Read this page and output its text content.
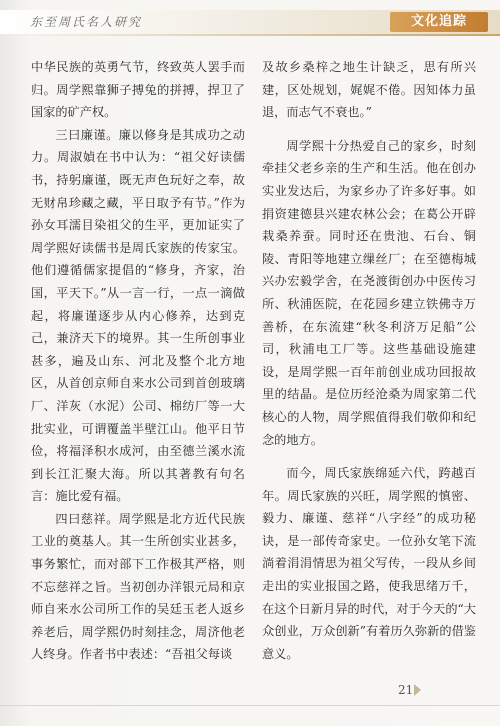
东至周氏名人研究	文化追踪

中华民族的英勇气节，终致英人罢手而归。周学熙靠狮子搏兔的拼搏，捍卫了国家的矿产权。

三曰廉谨。廉以修身是其成功之动力。周淑媜在书中认为：“祖父好读儒书，持躬廉谨，既无声色玩好之奉，故无财帛珍藏之藏，平日取予有节。”作为孙女耳濡目染祖父的生平，更加证实了周学熙好读儒书是周氏家族的传家宝。他们遵循儒家提倡的“修身，齐家，治国，平天下。”从一言一行，一点一滴做起，将廉谨逐步从内心修养，达到克己，兼济天下的境界。其一生所创事业甚多，遍及山东、河北及整个北方地区，从首创京师自来水公司到首创玻璃厂、洋灰（水泥）公司、棉纺厂等一大批实业，可谓覆盖半壁江山。他平日节俭，将福泽积水成河，由至德兰溪水流到长江汇聚大海。所以其著教有句名言：施比爱有福。

四曰慈祥。周学熙是北方近代民族工业的奠基人。其一生所创实业甚多，事务繁忙，而对部下工作极其严格，则不忘慈祥之旨。当初创办洋银元局和京师自来水公司所工作的吴廷玉老人返乡养老后，周学熙仍时刻挂念，周济他老人终身。作者书中表述：“吾祖父每谈

及故乡桑梓之地生计缺乏，思有所兴建，区处规划，娓娓不倦。因知体力虽退，而志气不衰也。”

周学熙十分热爱自己的家乡，时刻牵挂父老乡亲的生产和生活。他在创办实业发达后，为家乡办了许多好事。如捐资建德县兴建农林公会；在葛公开辟栽桑养蚕。同时还在贵池、石台、铜陵、青阳等地建立缫丝厂；在至德梅城兴办宏毅学舍，在尧渡街创办中医传习所、秋浦医院，在花园乡建立铁佛寺万善桥，在东流建“秋冬利济万足船”公司，秋浦电工厂等。这些基础设施建设，是周学熙一百年前创业成功回报故里的结晶。是位历经沧桑为周家第二代核心的人物，周学熙值得我们敬仰和纪念的地方。

而今，周氏家族绵延六代，跨越百年。周氏家族的兴旺，周学熙的慎密、毅力、廉谨、慈祥“八字经”的成功秘诀，是一部传奇家史。一位孙女笔下流淌着涓涓情思为祖父写传，一段从乡间走出的实业报国之路，使我思绪万千，在这个日新月异的时代，对于今天的“大众创业，万众创新”有着历久弥新的借鉴意义。

21
